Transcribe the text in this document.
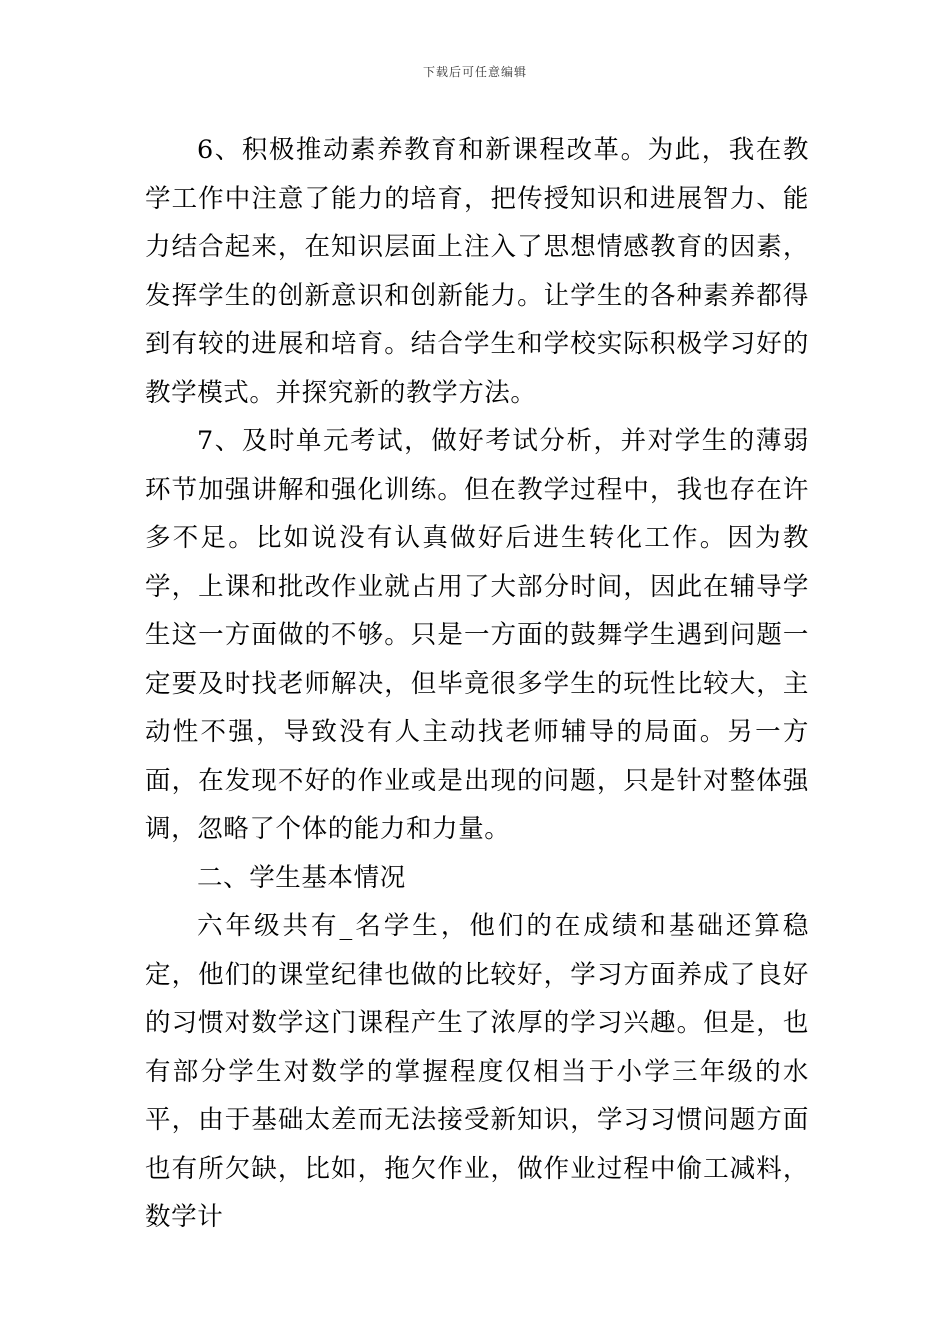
下载后可任意编辑

6、积极推动素养教育和新课程改革。为此，我在教学工作中注意了能力的培育，把传授知识和进展智力、能力结合起来，在知识层面上注入了思想情感教育的因素，发挥学生的创新意识和创新能力。让学生的各种素养都得到有较的进展和培育。结合学生和学校实际积极学习好的教学模式。并探究新的教学方法。

7、及时单元考试，做好考试分析，并对学生的薄弱环节加强讲解和强化训练。但在教学过程中，我也存在许多不足。比如说没有认真做好后进生转化工作。因为教学，上课和批改作业就占用了大部分时间，因此在辅导学生这一方面做的不够。只是一方面的鼓舞学生遇到问题一定要及时找老师解决，但毕竟很多学生的玩性比较大，主动性不强，导致没有人主动找老师辅导的局面。另一方面，在发现不好的作业或是出现的问题，只是针对整体强调，忽略了个体的能力和力量。

二、学生基本情况

六年级共有_名学生，他们的在成绩和基础还算稳定，他们的课堂纪律也做的比较好，学习方面养成了良好的习惯对数学这门课程产生了浓厚的学习兴趣。但是，也有部分学生对数学的掌握程度仅相当于小学三年级的水平，由于基础太差而无法接受新知识，学习习惯问题方面也有所欠缺，比如，拖欠作业，做作业过程中偷工减料，数学计
